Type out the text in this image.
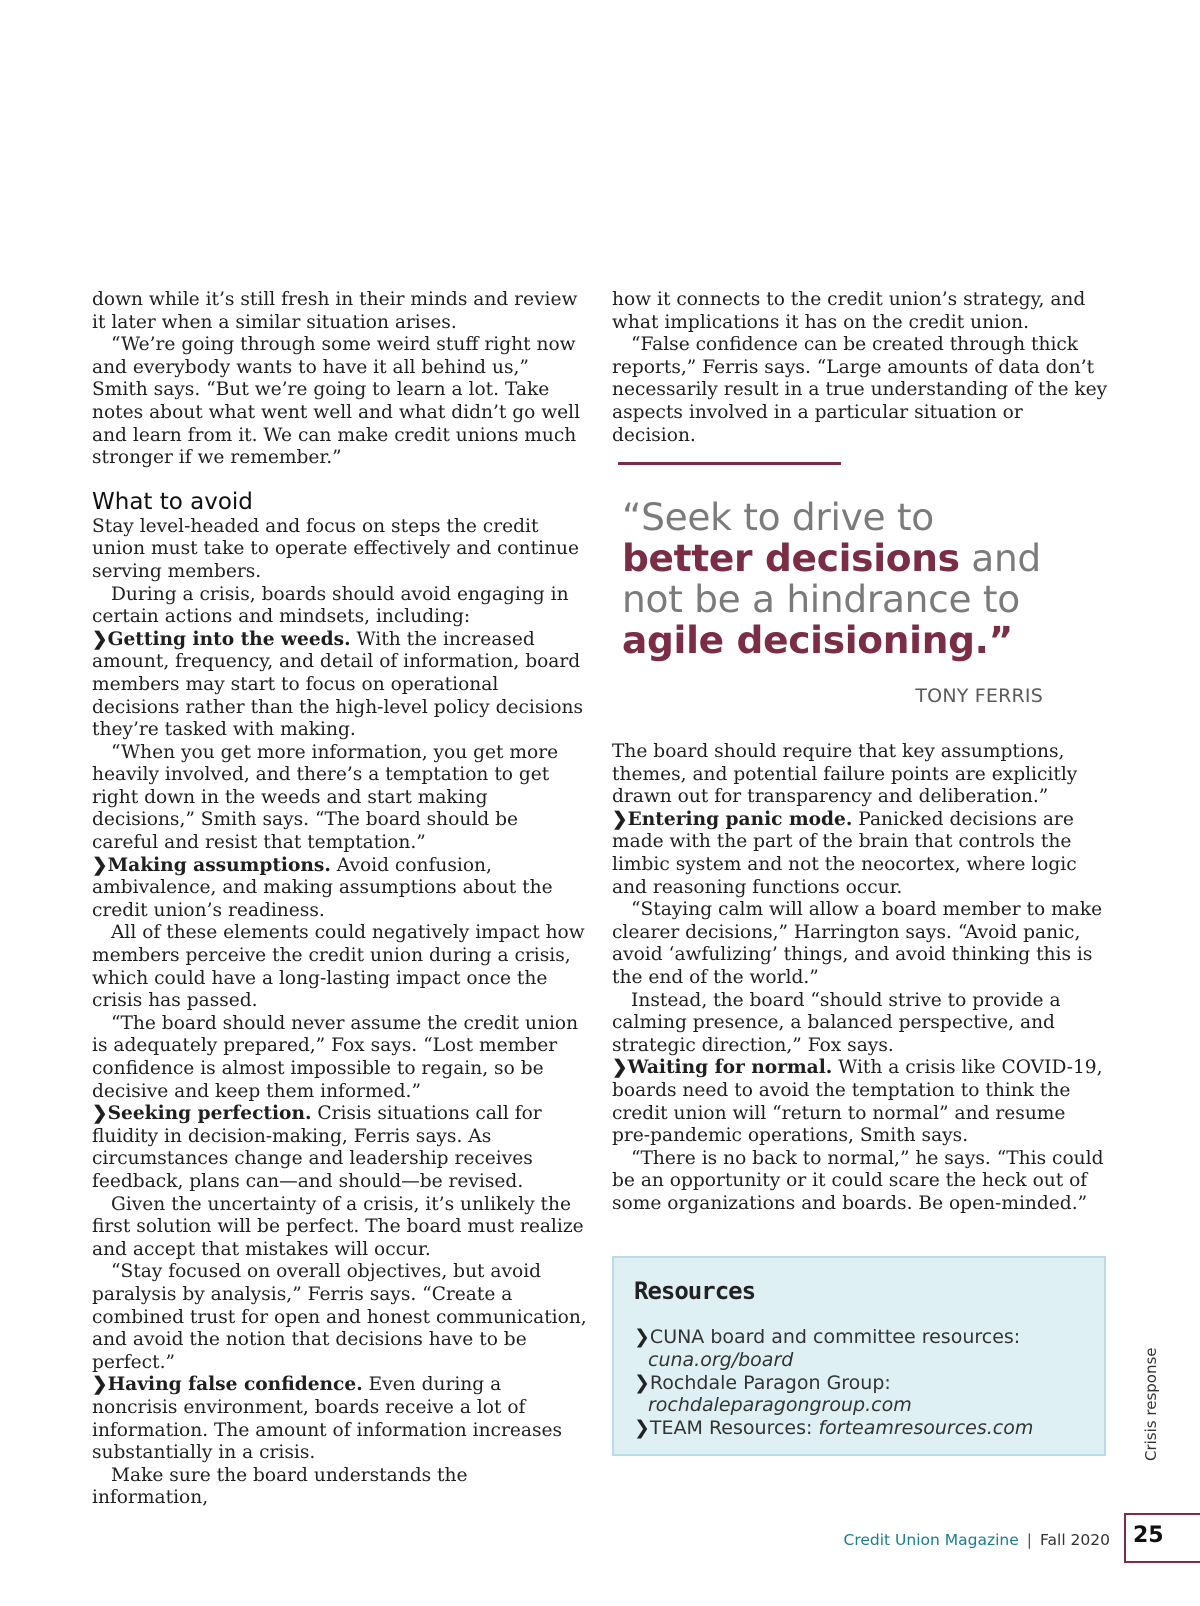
down while it’s still fresh in their minds and review it later when a similar situation arises.

“We’re going through some weird stuff right now and everybody wants to have it all behind us,” Smith says. “But we’re going to learn a lot. Take notes about what went well and what didn’t go well and learn from it. We can make credit unions much stronger if we remember.”

What to avoid

Stay level-headed and focus on steps the credit union must take to operate effectively and continue serving members.

During a crisis, boards should avoid engaging in certain actions and mindsets, including:

❯Getting into the weeds. With the increased amount, frequency, and detail of information, board members may start to focus on operational decisions rather than the high-level policy decisions they’re tasked with making.

“When you get more information, you get more heavily involved, and there’s a temptation to get right down in the weeds and start making decisions,” Smith says. “The board should be careful and resist that temptation.”

❯Making assumptions. Avoid confusion, ambivalence, and making assumptions about the credit union’s readiness.

All of these elements could negatively impact how members perceive the credit union during a crisis, which could have a long-lasting impact once the crisis has passed.

“The board should never assume the credit union is adequately prepared,” Fox says. “Lost member confidence is almost impossible to regain, so be decisive and keep them informed.”

❯Seeking perfection. Crisis situations call for fluidity in decision-making, Ferris says. As circumstances change and leadership receives feedback, plans can—and should—be revised.

Given the uncertainty of a crisis, it’s unlikely the first solution will be perfect. The board must realize and accept that mistakes will occur.

“Stay focused on overall objectives, but avoid paralysis by analysis,” Ferris says. “Create a combined trust for open and honest communication, and avoid the notion that decisions have to be perfect.”

❯Having false confidence. Even during a noncrisis environment, boards receive a lot of information. The amount of information increases substantially in a crisis.

Make sure the board understands the information,

how it connects to the credit union’s strategy, and what implications it has on the credit union.

“False confidence can be created through thick reports,” Ferris says. “Large amounts of data don’t necessarily result in a true understanding of the key aspects involved in a particular situation or decision.

“Seek to drive to better decisions and not be a hindrance to agile decisioning.”
TONY FERRIS

The board should require that key assumptions, themes, and potential failure points are explicitly drawn out for transparency and deliberation.”

❯Entering panic mode. Panicked decisions are made with the part of the brain that controls the limbic system and not the neocortex, where logic and reasoning functions occur.

“Staying calm will allow a board member to make clearer decisions,” Harrington says. “Avoid panic, avoid ‘awfulizing’ things, and avoid thinking this is the end of the world.”

Instead, the board “should strive to provide a calming presence, a balanced perspective, and strategic direction,” Fox says.

❯Waiting for normal. With a crisis like COVID-19, boards need to avoid the temptation to think the credit union will “return to normal” and resume pre-pandemic operations, Smith says.

“There is no back to normal,” he says. “This could be an opportunity or it could scare the heck out of some organizations and boards. Be open-minded.”

Resources
❯CUNA board and committee resources:
cuna.org/board
❯Rochdale Paragon Group:
rochdaleparagongroup.com
❯TEAM Resources: forteamresources.com	Crisis response
Credit Union Magazine | Fall 2020 25
